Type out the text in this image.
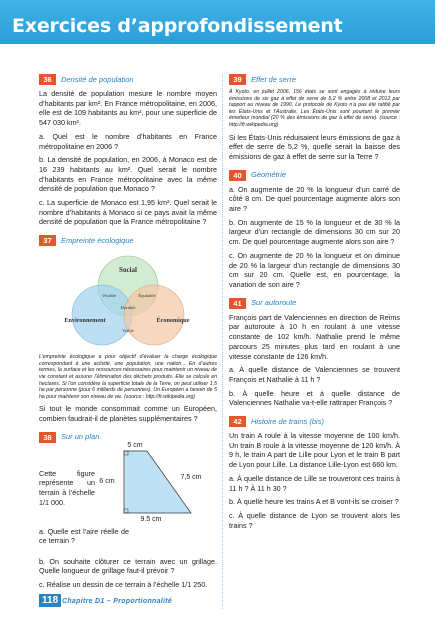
Exercices d’approfondissement
36	Densité de population

La densité de population mesure le nombre moyen d’habitants par km². En France métropolitaine, en 2006, elle est de 109 habitants au km², pour une superficie de 547 030 km².

a. Quel est le nombre d’habitants en France métropolitaine en 2006 ?

b. La densité de population, en 2006, à Monaco est de 16 239 habitants au km². Quel serait le nombre d’habitants en France métropolitaine avec la même densité de population que Monaco ?

c. La superficie de Monaco est 1,95 km². Quel serait le nombre d’habitants à Monaco si ce pays avait la même densité de population que la France métropolitaine ?

37	Empreinte écologique
Social
Environnement	Économique
Vivable	Équitable
Viable
Durable

L’empreinte écologique a pour objectif d’évaluer la charge écologique correspondant à une activité, une population, une nation... En d’autres termes, la surface et les ressources nécessaires pour maintenir un niveau de vie constant et assurer l’élimination des déchets produits. Elle se calcule en hectares. Si l’on considère la superficie totale de la Terre, on peut utiliser 1,5 ha par personne (pour 6 milliards de personnes). Un Européen a besoin de 5 ha pour maintenir son niveau de vie. (source : http://fr.wikipedia.org)

Si tout le monde consommait comme un Européen, combien faudrait-il de planètes supplémentaires ?

38	Sur un plan

Cette figure représente un terrain à l’échelle 1/1 000.

a. Quelle est l’aire réelle de ce terrain ?

5 cm
6 cm
7,5 cm
9,5 cm

b. On souhaite clôturer ce terrain avec un grillage. Quelle longueur de grillage faut-il prévoir ?

c. Réalise un dessin de ce terrain à l’échelle 1/1 250.

39	Effet de serre

À Kyoto, en juillet 2006, 156 états se sont engagés à réduire leurs émissions de six gaz à effet de serre de 5,2 % entre 2008 et 2012 par rapport au niveau de 1990. Le protocole de Kyoto n’a pas été ratifié par les États-Unis et l’Australie. Les États-Unis sont pourtant le premier émetteur mondial (20 % des émissions de gaz à effet de serre). (source : http://fr.wikipedia.org)

Si les États-Unis réduisaient leurs émissions de gaz à effet de serre de 5,2 %, quelle serait la baisse des émissions de gaz à effet de serre sur la Terre ?

40	Géométrie

a. On augmente de 20 % la longueur d’un carré de côté 8 cm. De quel pourcentage augmente alors son aire ?

b. On augmente de 15 % la longueur et de 30 % la largeur d’un rectangle de dimensions 30 cm sur 20 cm. De quel pourcentage augmente alors son aire ?

c. On augmente de 20 % la longueur et on diminue de 20 % la largeur d’un rectangle de dimensions 30 cm sur 20 cm. Quelle est, en pourcentage, la variation de son aire ?

41	Sur autoroute

François part de Valenciennes en direction de Reims par autoroute à 10 h en roulant à une vitesse constante de 102 km/h. Nathalie prend le même parcours 25 minutes plus tard en roulant à une vitesse constante de 126 km/h.

a. À quelle distance de Valenciennes se trouvent François et Nathalie à 11 h ?

b. À quelle heure et à quelle distance de Valenciennes Nathalie va-t-elle rattraper François ?

42	Histoire de trains (bis)

Un train A roule à la vitesse moyenne de 100 km/h. Un train B roule à la vitesse moyenne de 120 km/h. À 9 h, le train A part de Lille pour Lyon et le train B part de Lyon pour Lille. La distance Lille-Lyon est 660 km.

a. À quelle distance de Lille se trouveront ces trains à 11 h ? À 11 h 30 ?

b. À quelle heure les trains A et B vont-ils se croiser ?

c. À quelle distance de Lyon se trouvent alors les trains ?

118 Chapitre D1 – Proportionnalité
